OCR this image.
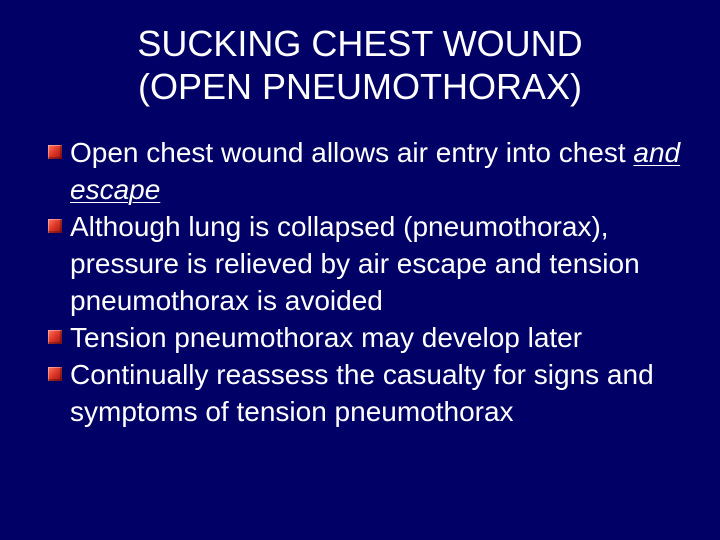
SUCKING CHEST WOUND
(OPEN PNEUMOTHORAX)
Open chest wound allows air entry into chest and escape
Although lung is collapsed (pneumothorax), pressure is relieved by air escape and tension pneumothorax is avoided
Tension pneumothorax may develop later
Continually reassess the casualty for signs and symptoms of tension pneumothorax
